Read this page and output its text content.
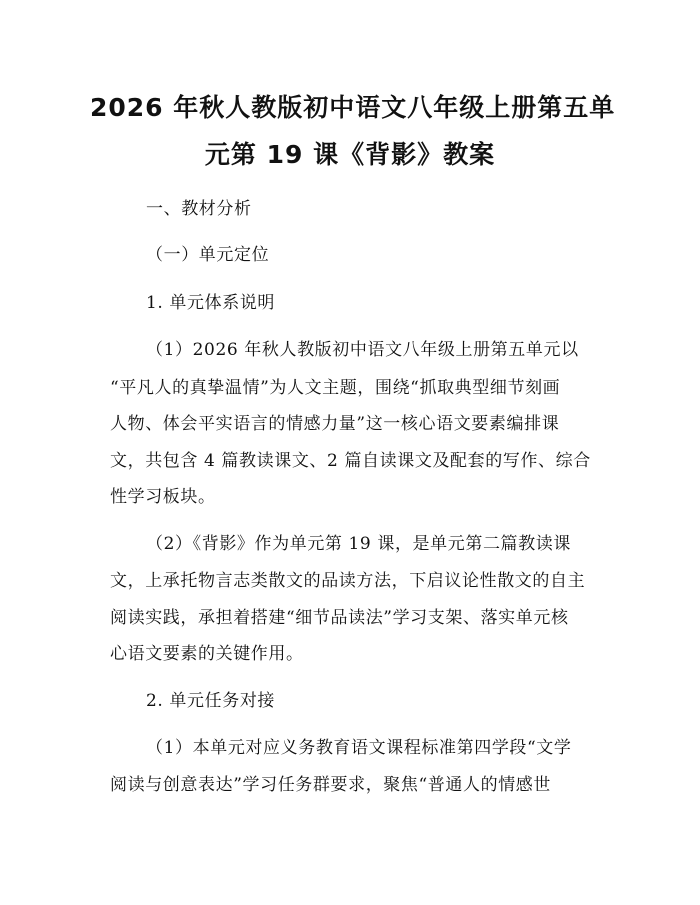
2026 年秋人教版初中语文八年级上册第五单
元第 19 课《背影》教案
一、教材分析
（一）单元定位
1. 单元体系说明
（1）2026 年秋人教版初中语文八年级上册第五单元以
“平凡人的真挚温情”为人文主题，围绕“抓取典型细节刻画
人物、体会平实语言的情感力量”这一核心语文要素编排课
文，共包含 4 篇教读课文、2 篇自读课文及配套的写作、综合
性学习板块。
（2）《背影》作为单元第 19 课，是单元第二篇教读课
文，上承托物言志类散文的品读方法，下启议论性散文的自主
阅读实践，承担着搭建“细节品读法”学习支架、落实单元核
心语文要素的关键作用。
2. 单元任务对接
（1）本单元对应义务教育语文课程标准第四学段“文学
阅读与创意表达”学习任务群要求，聚焦“普通人的情感世
